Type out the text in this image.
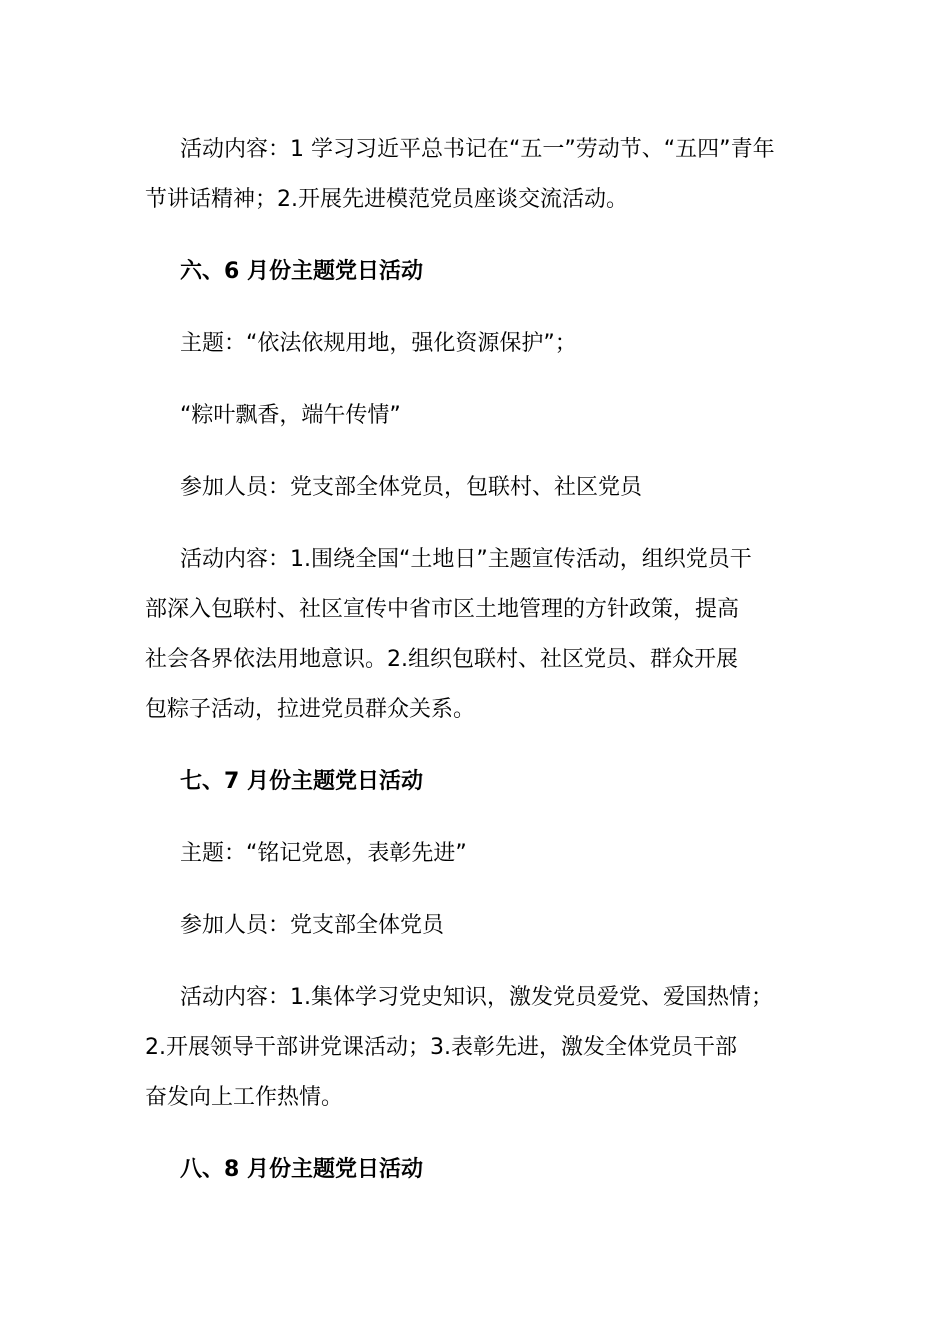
活动内容：1 学习习近平总书记在“五一”劳动节、“五四”青年
节讲话精神；2.开展先进模范党员座谈交流活动。
六、6 月份主题党日活动
主题：“依法依规用地，强化资源保护”；
“粽叶飘香，端午传情”
参加人员：党支部全体党员，包联村、社区党员
活动内容：1.围绕全国“土地日”主题宣传活动，组织党员干
部深入包联村、社区宣传中省市区土地管理的方针政策，提高
社会各界依法用地意识。2.组织包联村、社区党员、群众开展
包粽子活动，拉进党员群众关系。
七、7 月份主题党日活动
主题：“铭记党恩，表彰先进”
参加人员：党支部全体党员
活动内容：1.集体学习党史知识，激发党员爱党、爱国热情；
2.开展领导干部讲党课活动；3.表彰先进，激发全体党员干部
奋发向上工作热情。
八、8 月份主题党日活动
